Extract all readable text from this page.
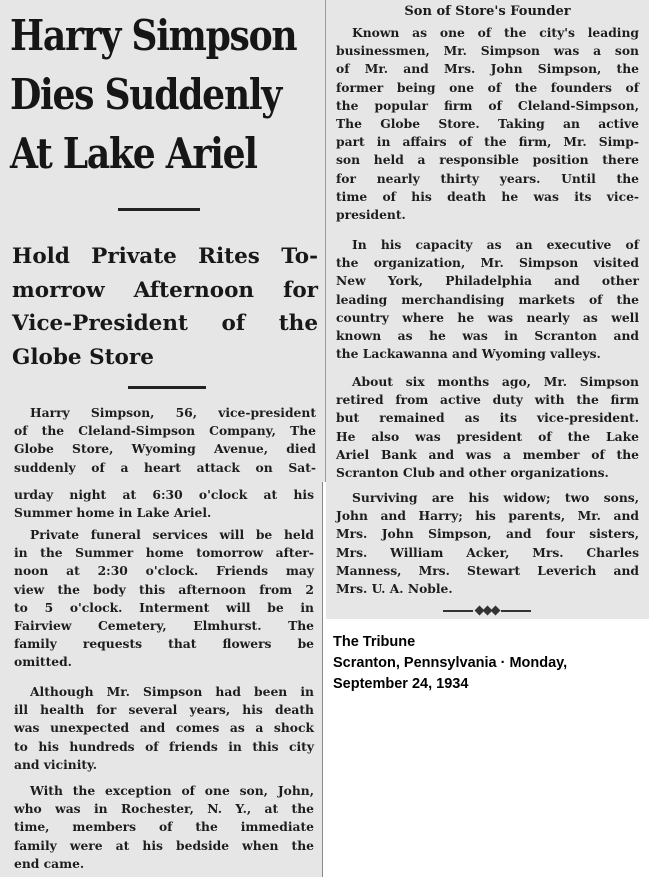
Harry Simpson
Dies Suddenly
At Lake Ariel
Hold Private Rites To-
morrow Afternoon for
Vice-President of the
Globe Store
Harry Simpson, 56, vice-president
of the Cleland-Simpson Company, The
Globe Store, Wyoming Avenue, died
suddenly of a heart attack on Sat-
urday night at 6:30 o'clock at his
Summer home in Lake Ariel.
Private funeral services will be held
in the Summer home tomorrow after-
noon at 2:30 o'clock. Friends may
view the body this afternoon from 2
to 5 o'clock. Interment will be in
Fairview Cemetery, Elmhurst. The
family requests that flowers be
omitted.
Although Mr. Simpson had been in
ill health for several years, his death
was unexpected and comes as a shock
to his hundreds of friends in this city
and vicinity.
With the exception of one son, John,
who was in Rochester, N. Y., at the
time, members of the immediate
family were at his bedside when the
end came.
Son of Store's Founder
Known as one of the city's leading
businessmen, Mr. Simpson was a son
of Mr. and Mrs. John Simpson, the
former being one of the founders of
the popular firm of Cleland-Simpson,
The Globe Store. Taking an active
part in affairs of the firm, Mr. Simp-
son held a responsible position there
for nearly thirty years. Until the
time of his death he was its vice-
president.
In his capacity as an executive of
the organization, Mr. Simpson visited
New York, Philadelphia and other
leading merchandising markets of the
country where he was nearly as well
known as he was in Scranton and
the Lackawanna and Wyoming valleys.
About six months ago, Mr. Simpson
retired from active duty with the firm
but remained as its vice-president.
He also was president of the Lake
Ariel Bank and was a member of the
Scranton Club and other organizations.
Surviving are his widow; two sons,
John and Harry; his parents, Mr. and
Mrs. John Simpson, and four sisters,
Mrs. William Acker, Mrs. Charles
Manness, Mrs. Stewart Leverich and
Mrs. U. A. Noble.
The Tribune
Scranton, Pennsylvania · Monday,
September 24, 1934
